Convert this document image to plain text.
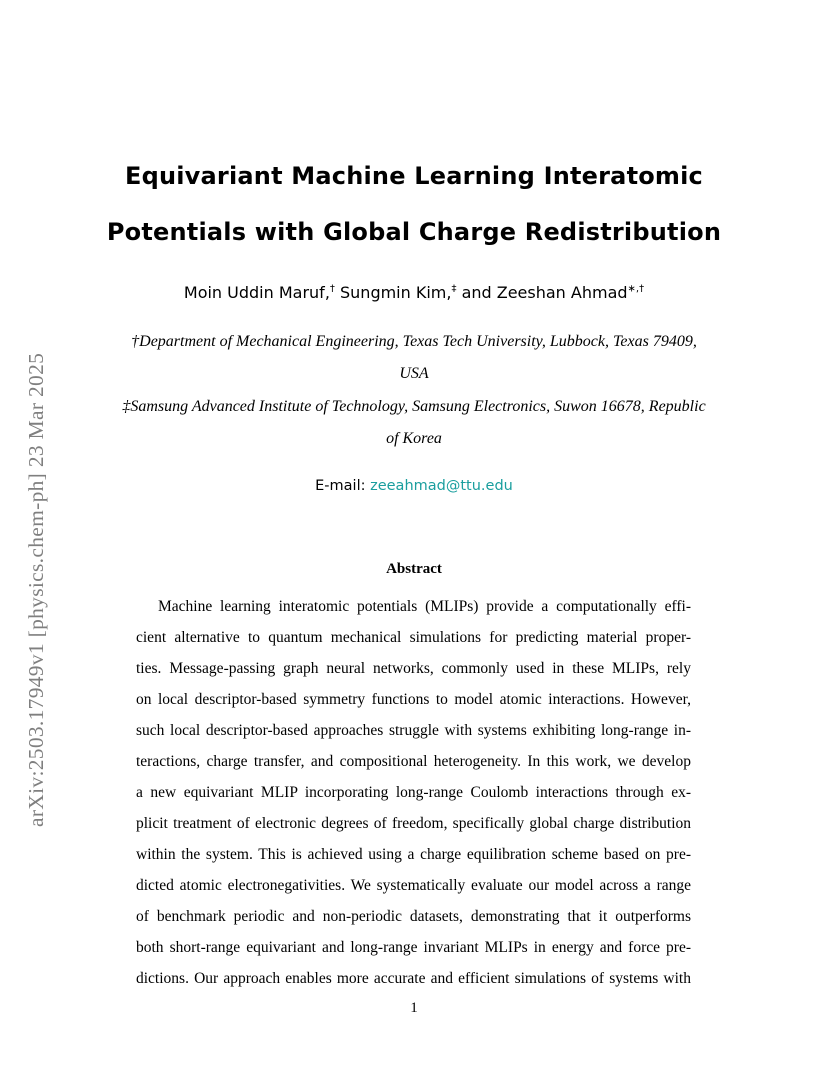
arXiv:2503.17949v1 [physics.chem-ph] 23 Mar 2025
Equivariant Machine Learning Interatomic
Potentials with Global Charge Redistribution
Moin Uddin Maruf,† Sungmin Kim,‡ and Zeeshan Ahmad∗,†
†Department of Mechanical Engineering, Texas Tech University, Lubbock, Texas 79409,
USA
‡Samsung Advanced Institute of Technology, Samsung Electronics, Suwon 16678, Republic
of Korea
E-mail: zeeahmad@ttu.edu
Abstract
Machine learning interatomic potentials (MLIPs) provide a computationally effi-
cient alternative to quantum mechanical simulations for predicting material proper-
ties. Message-passing graph neural networks, commonly used in these MLIPs, rely
on local descriptor-based symmetry functions to model atomic interactions. However,
such local descriptor-based approaches struggle with systems exhibiting long-range in-
teractions, charge transfer, and compositional heterogeneity. In this work, we develop
a new equivariant MLIP incorporating long-range Coulomb interactions through ex-
plicit treatment of electronic degrees of freedom, specifically global charge distribution
within the system. This is achieved using a charge equilibration scheme based on pre-
dicted atomic electronegativities. We systematically evaluate our model across a range
of benchmark periodic and non-periodic datasets, demonstrating that it outperforms
both short-range equivariant and long-range invariant MLIPs in energy and force pre-
dictions. Our approach enables more accurate and efficient simulations of systems with
1
